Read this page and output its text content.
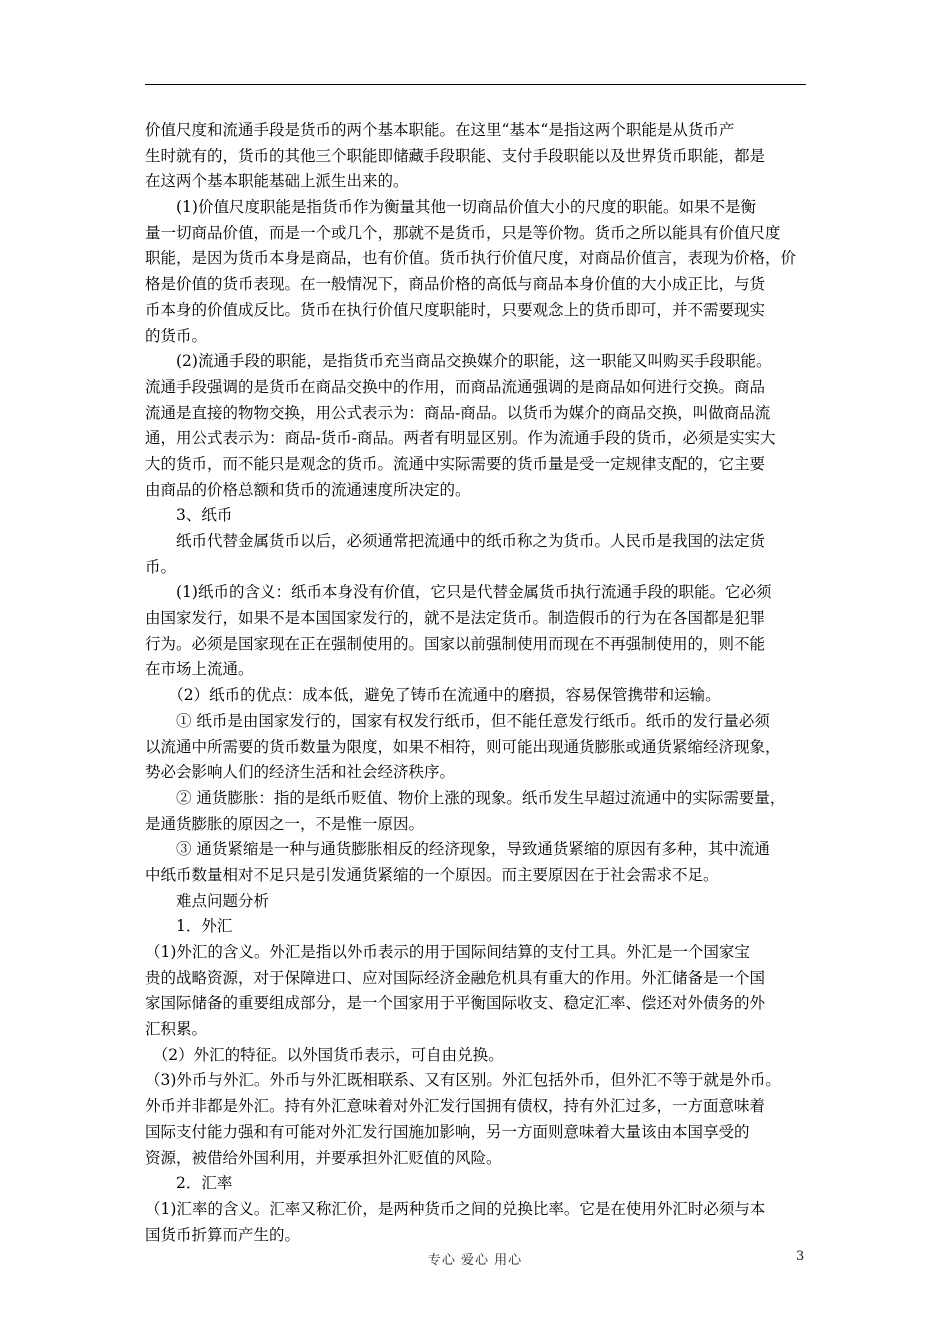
价值尺度和流通手段是货币的两个基本职能。在这里“基本“是指这两个职能是从货币产
生时就有的，货币的其他三个职能即储藏手段职能、支付手段职能以及世界货币职能，都是
在这两个基本职能基础上派生出来的。
　　(1)价值尺度职能是指货币作为衡量其他一切商品价值大小的尺度的职能。如果不是衡
量一切商品价值，而是一个或几个，那就不是货币，只是等价物。货币之所以能具有价值尺度
职能，是因为货币本身是商品，也有价值。货币执行价值尺度，对商品价值言，表现为价格，价
格是价值的货币表现。在一般情况下，商品价格的高低与商品本身价值的大小成正比，与货
币本身的价值成反比。货币在执行价值尺度职能时，只要观念上的货币即可，并不需要现实
的货币。
　　(2)流通手段的职能，是指货币充当商品交换媒介的职能，这一职能又叫购买手段职能。
流通手段强调的是货币在商品交换中的作用，而商品流通强调的是商品如何进行交换。商品
流通是直接的物物交换，用公式表示为：商品-商品。以货币为媒介的商品交换，叫做商品流
通，用公式表示为：商品-货币-商品。两者有明显区别。作为流通手段的货币，必须是实实大
大的货币，而不能只是观念的货币。流通中实际需要的货币量是受一定规律支配的，它主要
由商品的价格总额和货币的流通速度所决定的。
　　3、纸币
　　纸币代替金属货币以后，必须通常把流通中的纸币称之为货币。人民币是我国的法定货
币。
　　(1)纸币的含义：纸币本身没有价值，它只是代替金属货币执行流通手段的职能。它必须
由国家发行，如果不是本国国家发行的，就不是法定货币。制造假币的行为在各国都是犯罪
行为。必须是国家现在正在强制使用的。国家以前强制使用而现在不再强制使用的，则不能
在市场上流通。
　　（2）纸币的优点：成本低，避免了铸币在流通中的磨损，容易保管携带和运输。
　　① 纸币是由国家发行的，国家有权发行纸币，但不能任意发行纸币。纸币的发行量必须
以流通中所需要的货币数量为限度，如果不相符，则可能出现通货膨胀或通货紧缩经济现象，
势必会影响人们的经济生活和社会经济秩序。
　　② 通货膨胀：指的是纸币贬值、物价上涨的现象。纸币发生早超过流通中的实际需要量，
是通货膨胀的原因之一，不是惟一原因。
　　③ 通货紧缩是一种与通货膨胀相反的经济现象，导致通货紧缩的原因有多种，其中流通
中纸币数量相对不足只是引发通货紧缩的一个原因。而主要原因在于社会需求不足。
　　难点问题分析
　　1．外汇
（1)外汇的含义。外汇是指以外币表示的用于国际间结算的支付工具。外汇是一个国家宝
贵的战略资源，对于保障进口、应对国际经济金融危机具有重大的作用。外汇储备是一个国
家国际储备的重要组成部分，是一个国家用于平衡国际收支、稳定汇率、偿还对外债务的外
汇积累。
　（2）外汇的特征。以外国货币表示，可自由兑换。
（3)外币与外汇。外币与外汇既相联系、又有区别。外汇包括外币，但外汇不等于就是外币。
外币并非都是外汇。持有外汇意味着对外汇发行国拥有债权，持有外汇过多，一方面意味着
国际支付能力强和有可能对外汇发行国施加影响，另一方面则意味着大量该由本国享受的
资源，被借给外国利用，并要承担外汇贬值的风险。
　　2．汇率
（1)汇率的含义。汇率又称汇价，是两种货币之间的兑换比率。它是在使用外汇时必须与本
国货币折算而产生的。
专心 爱心 用心	3
